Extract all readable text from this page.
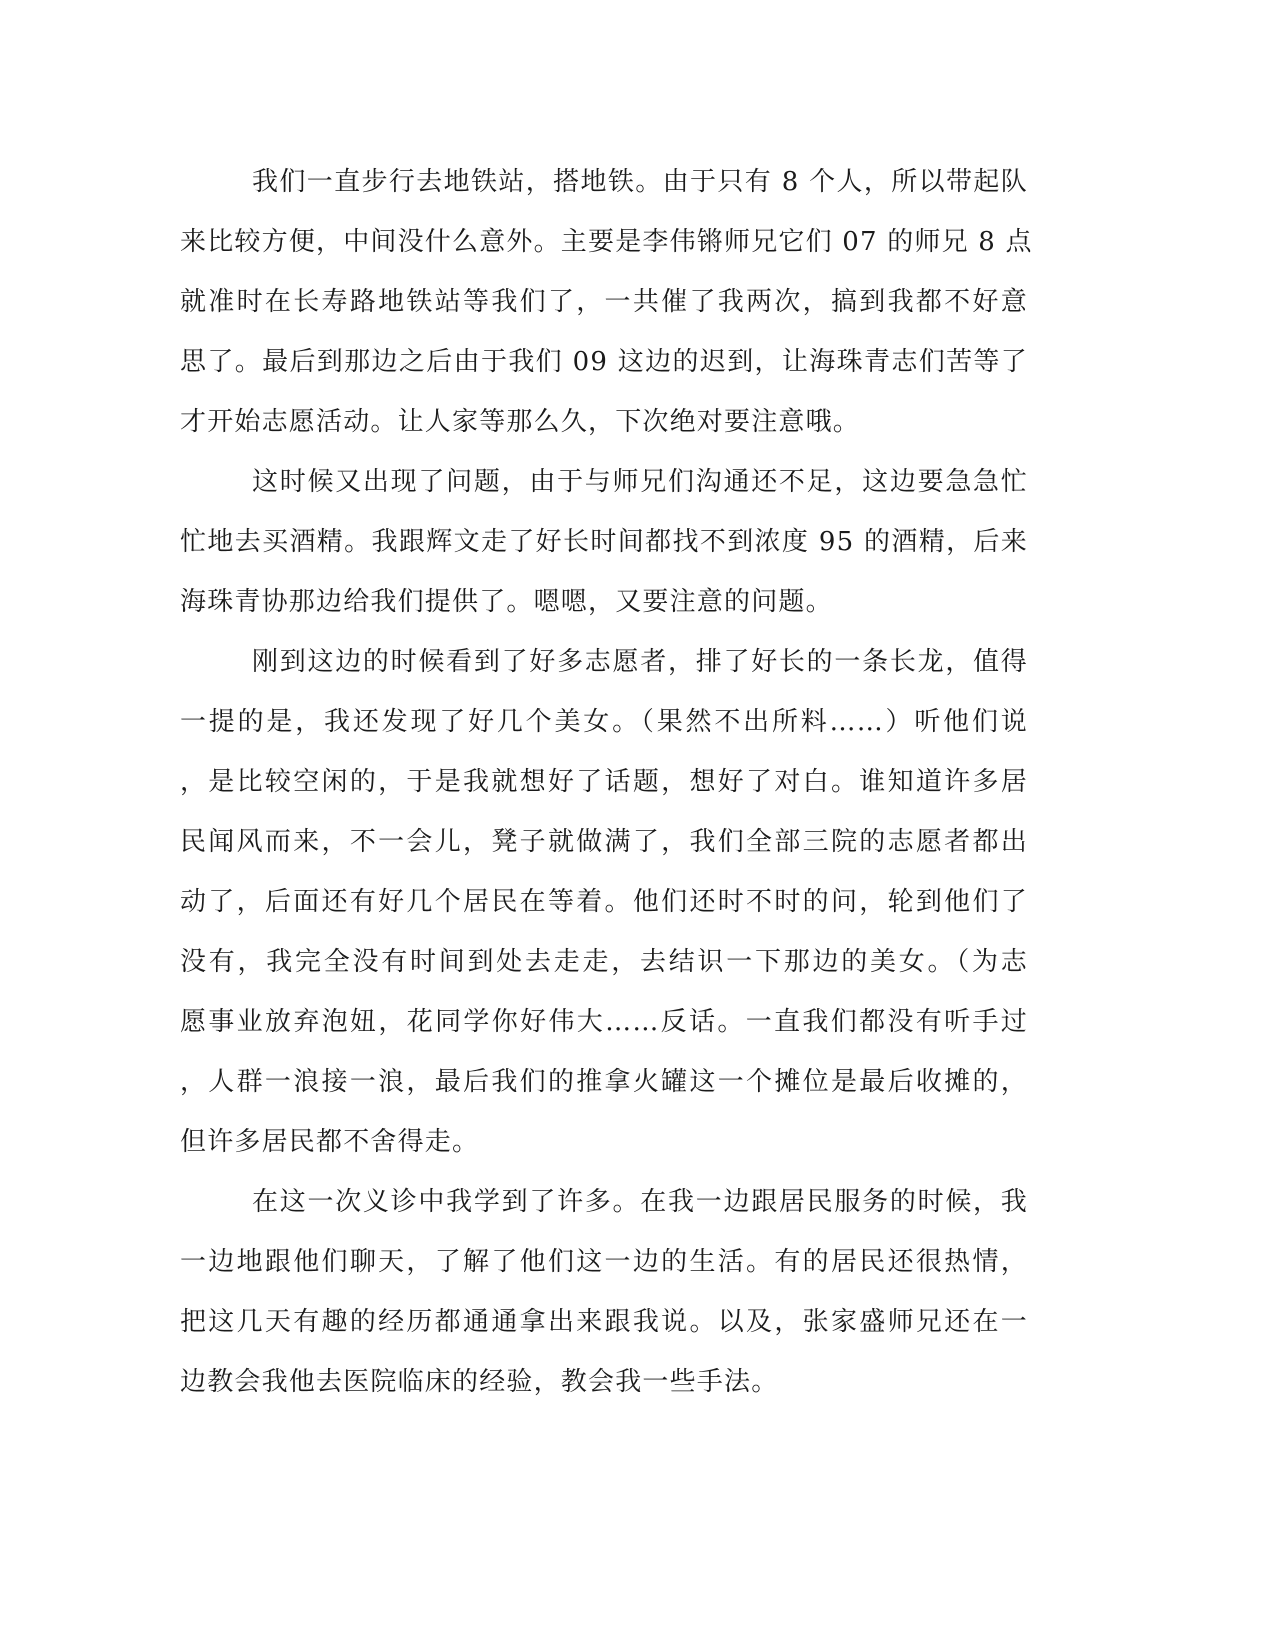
我们一直步行去地铁站，搭地铁。由于只有 8 个人，所以带起队
来比较方便，中间没什么意外。主要是李伟锵师兄它们 07 的师兄 8 点
就准时在长寿路地铁站等我们了，一共催了我两次，搞到我都不好意
思了。最后到那边之后由于我们 09 这边的迟到，让海珠青志们苦等了
才开始志愿活动。让人家等那么久，下次绝对要注意哦。
这时候又出现了问题，由于与师兄们沟通还不足，这边要急急忙
忙地去买酒精。我跟辉文走了好长时间都找不到浓度 95 的酒精，后来
海珠青协那边给我们提供了。嗯嗯，又要注意的问题。
刚到这边的时候看到了好多志愿者，排了好长的一条长龙，值得
一提的是，我还发现了好几个美女。（果然不出所料……）听他们说
，是比较空闲的，于是我就想好了话题，想好了对白。谁知道许多居
民闻风而来，不一会儿，凳子就做满了，我们全部三院的志愿者都出
动了，后面还有好几个居民在等着。他们还时不时的问，轮到他们了
没有，我完全没有时间到处去走走，去结识一下那边的美女。（为志
愿事业放弃泡妞，花同学你好伟大……反话。一直我们都没有听手过
，人群一浪接一浪，最后我们的推拿火罐这一个摊位是最后收摊的，
但许多居民都不舍得走。
在这一次义诊中我学到了许多。在我一边跟居民服务的时候，我
一边地跟他们聊天，了解了他们这一边的生活。有的居民还很热情，
把这几天有趣的经历都通通拿出来跟我说。以及，张家盛师兄还在一
边教会我他去医院临床的经验，教会我一些手法。
